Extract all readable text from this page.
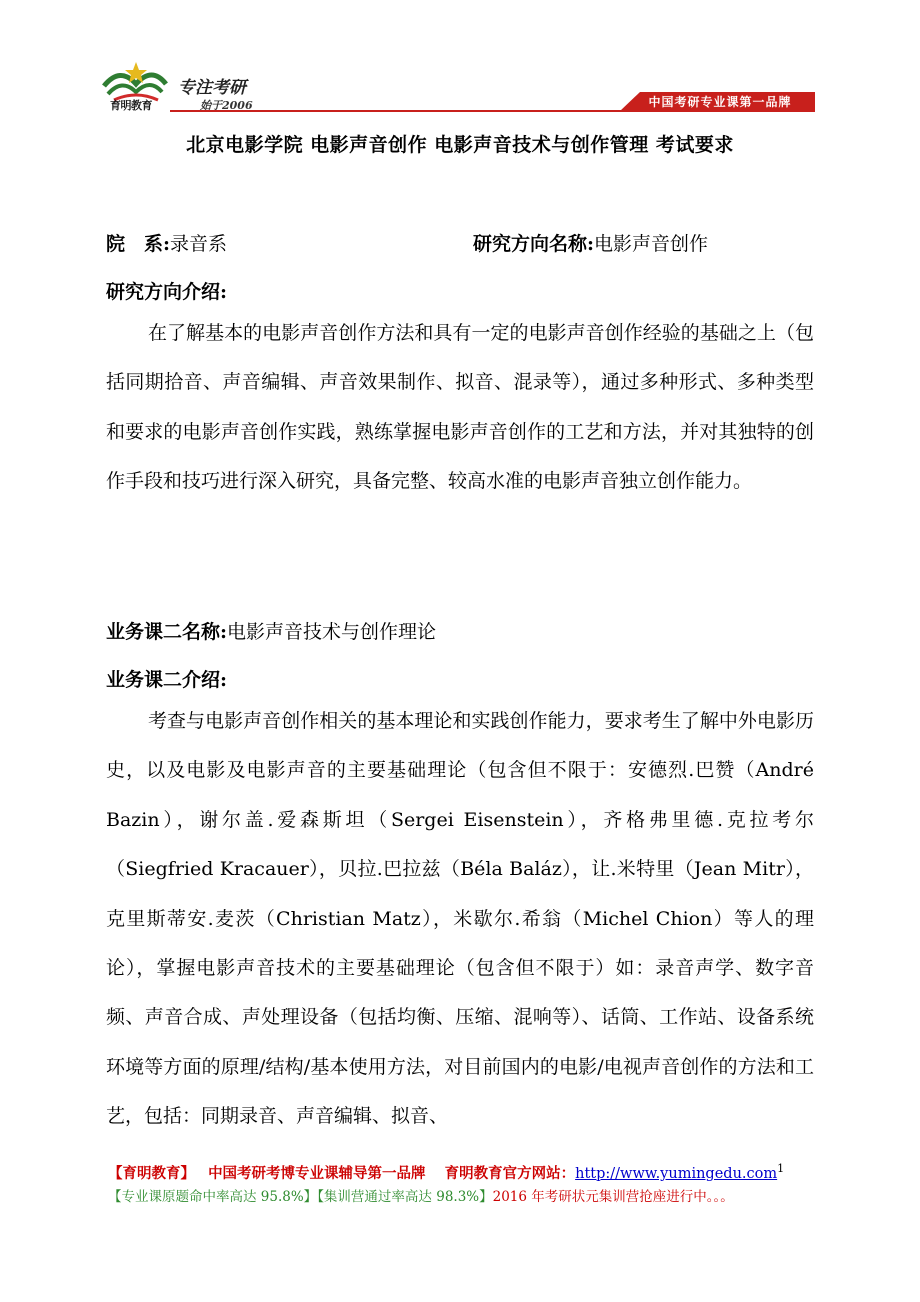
育明教育
专注考研
始于2006	中国考研专业课第一品牌
北京电影学院 电影声音创作 电影声音技术与创作管理 考试要求
院　系:录音系	研究方向名称:电影声音创作
研究方向介绍:

在了解基本的电影声音创作方法和具有一定的电影声音创作经验的基础之上（包括同期拾音、声音编辑、声音效果制作、拟音、混录等），通过多种形式、多种类型和要求的电影声音创作实践，熟练掌握电影声音创作的工艺和方法，并对其独特的创作手段和技巧进行深入研究，具备完整、较高水准的电影声音独立创作能力。

业务课二名称:电影声音技术与创作理论
业务课二介绍:

考查与电影声音创作相关的基本理论和实践创作能力，要求考生了解中外电影历史，以及电影及电影声音的主要基础理论（包含但不限于：安德烈.巴赞（André Bazin），谢尔盖.爱森斯坦（Sergei Eisenstein），齐格弗里德.克拉考尔（Siegfried Kracauer），贝拉.巴拉兹（Béla Baláz），让.米特里（Jean Mitr），克里斯蒂安.麦茨（Christian Matz），米歇尔.希翁（Michel Chion）等人的理论），掌握电影声音技术的主要基础理论（包含但不限于）如：录音声学、数字音频、声音合成、声处理设备（包括均衡、压缩、混响等）、话筒、工作站、设备系统环境等方面的原理/结构/基本使用方法，对目前国内的电影/电视声音创作的方法和工艺，包括：同期录音、声音编辑、拟音、

【育明教育】 中国考研考博专业课辅导第一品牌 育明教育官方网站：http://www.yumingedu.com$^1$
【专业课原题命中率高达 95.8%】【集训营通过率高达 98.3%】2016 年考研状元集训营抢座进行中。。。
